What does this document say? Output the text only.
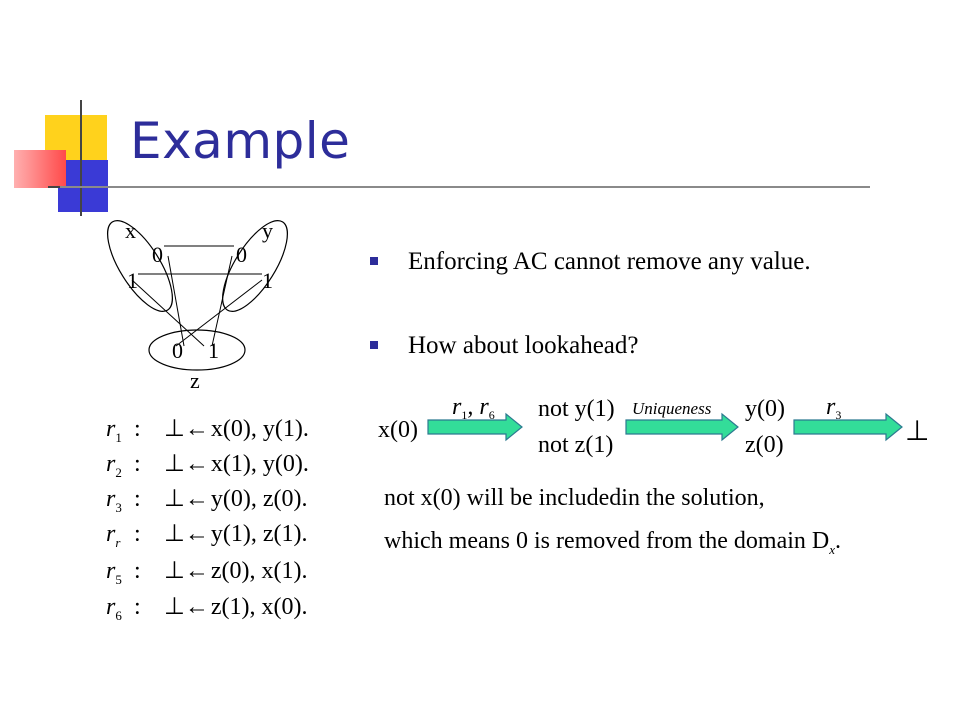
Example
Enforcing AC cannot remove any value.
How about lookahead?
x	y
z
0
1
0
1
0 1
$r_1$ : ⊥←x(0), y(1).
$r_2$ : ⊥←x(1), y(0).
$r_3$ : ⊥←y(0), z(0).
$r_r$ : ⊥←y(1), z(1).
$r_5$ : ⊥←z(0), x(1).
$r_6$ : ⊥←z(1), x(0).
x(0)
$r_1$, $r_6$ not y(1)
not z(1)
Uniqueness y(0)
z(0)
$r_3$
⊥
not x(0) will be includedin the solution,
which means 0 is removed from the domain $D_x$.
